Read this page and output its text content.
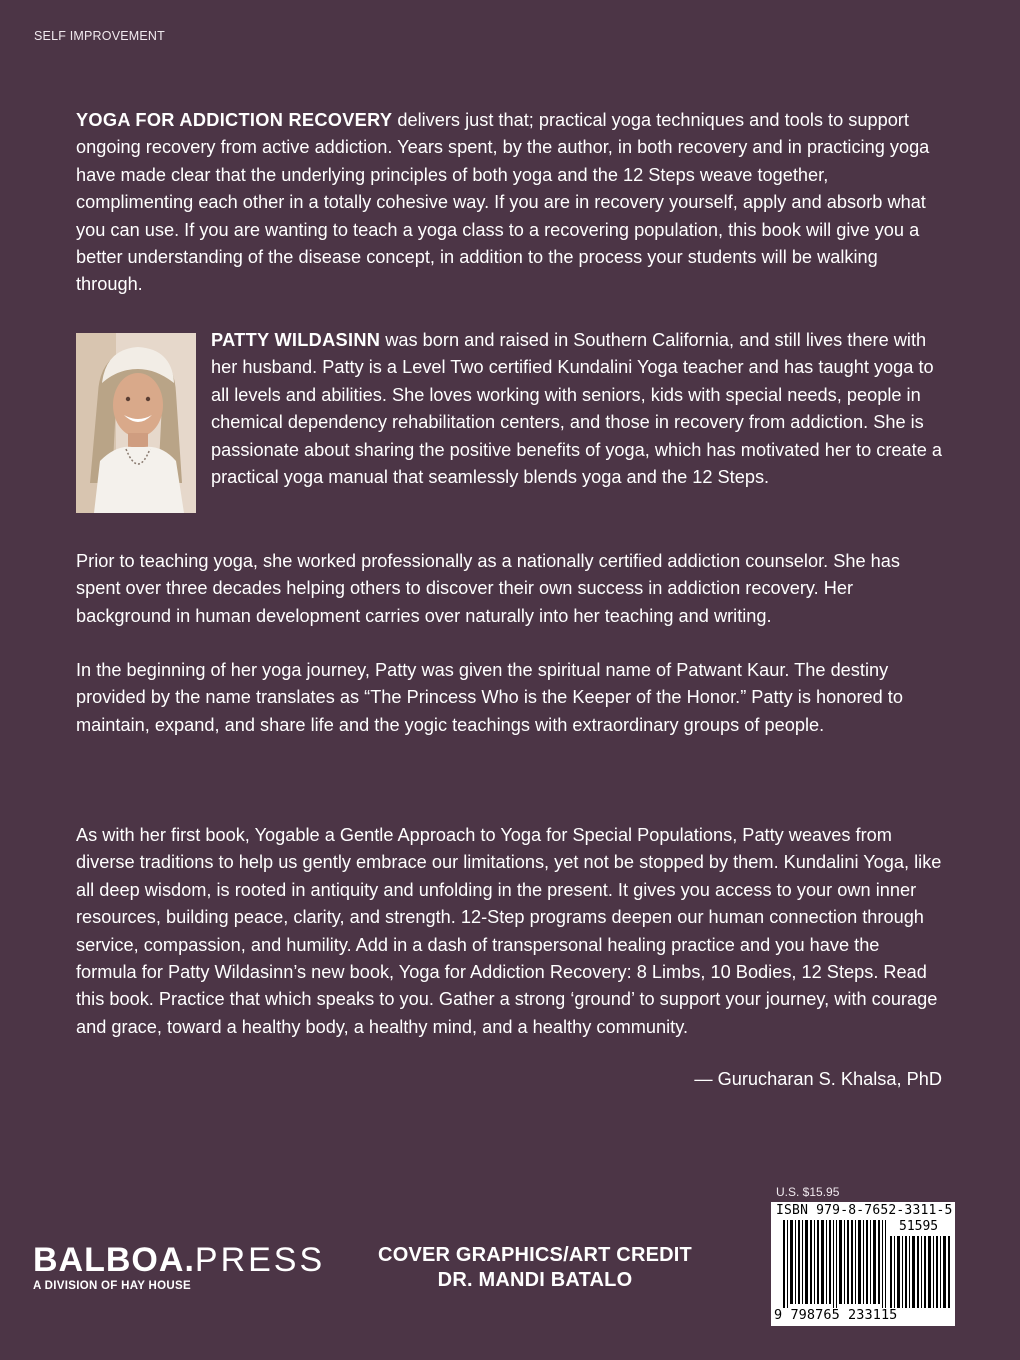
SELF IMPROVEMENT

YOGA FOR ADDICTION RECOVERY delivers just that; practical yoga techniques and tools to support ongoing recovery from active addiction. Years spent, by the author, in both recovery and in practicing yoga have made clear that the underlying principles of both yoga and the 12 Steps weave together, complimenting each other in a totally cohesive way. If you are in recovery yourself, apply and absorb what you can use. If you are wanting to teach a yoga class to a recovering population, this book will give you a better understanding of the disease concept, in addition to the process your students will be walking through.

PATTY WILDASINN was born and raised in Southern California, and still lives there with her husband. Patty is a Level Two certified Kundalini Yoga teacher and has taught yoga to all levels and abilities. She loves working with seniors, kids with special needs, people in chemical dependency rehabilitation centers, and those in recovery from addiction. She is passionate about sharing the positive benefits of yoga, which has motivated her to create a practical yoga manual that seamlessly blends yoga and the 12 Steps.

Prior to teaching yoga, she worked professionally as a nationally certified addiction counselor. She has spent over three decades helping others to discover their own success in addiction recovery. Her background in human development carries over naturally into her teaching and writing.

In the beginning of her yoga journey, Patty was given the spiritual name of Patwant Kaur. The destiny provided by the name translates as “The Princess Who is the Keeper of the Honor.” Patty is honored to maintain, expand, and share life and the yogic teachings with extraordinary groups of people.

As with her first book, Yogable a Gentle Approach to Yoga for Special Populations, Patty weaves from diverse traditions to help us gently embrace our limitations, yet not be stopped by them. Kundalini Yoga, like all deep wisdom, is rooted in antiquity and unfolding in the present. It gives you access to your own inner resources, building peace, clarity, and strength. 12-Step programs deepen our human connection through service, compassion, and humility. Add in a dash of transpersonal healing practice and you have the formula for Patty Wildasinn’s new book, Yoga for Addiction Recovery: 8 Limbs, 10 Bodies, 12 Steps. Read this book. Practice that which speaks to you. Gather a strong ‘ground’ to support your journey, with courage and grace, toward a healthy body, a healthy mind, and a healthy community.

— Gurucharan S. Khalsa, PhD
BALBOA.PRESS
A DIVISION OF HAY HOUSE
COVER GRAPHICS/ART CREDIT
DR. MANDI BATALO
U.S. $15.95
ISBN 979-8-7652-3311-5
51595
9 798765 233115
